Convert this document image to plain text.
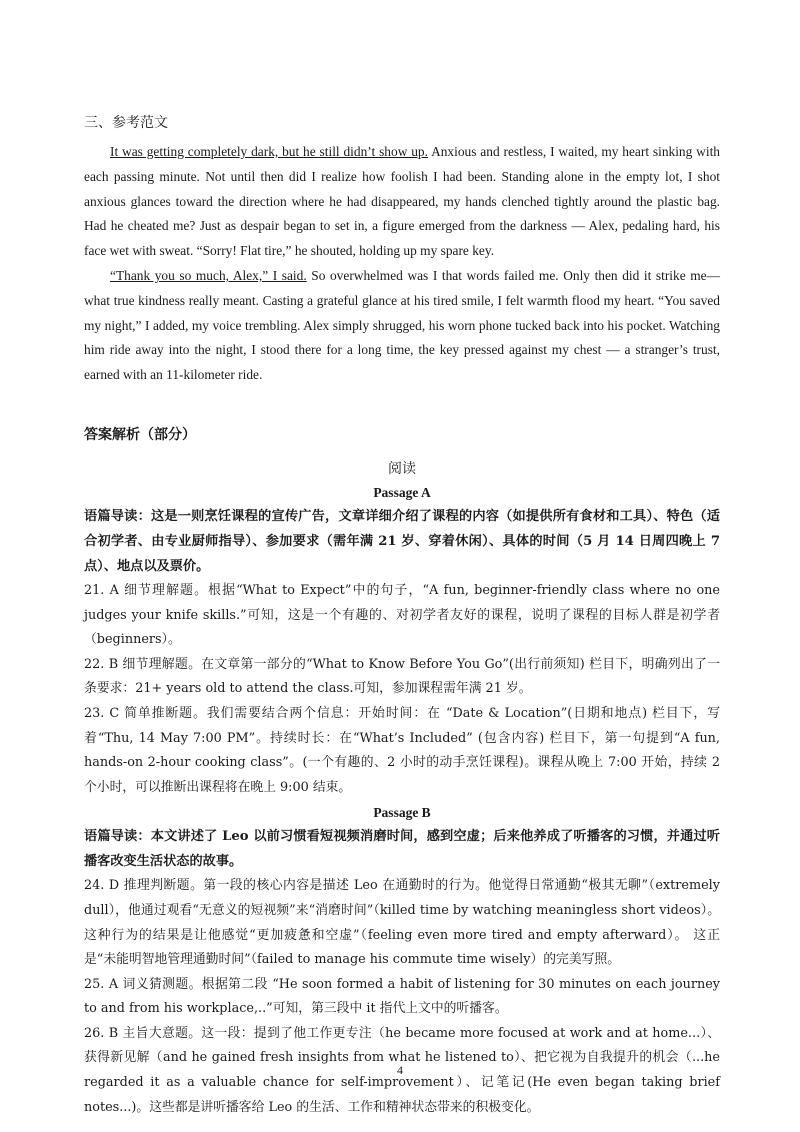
三、参考范文

It was getting completely dark, but he still didn’t show up. Anxious and restless, I waited, my heart sinking with each passing minute. Not until then did I realize how foolish I had been. Standing alone in the empty lot, I shot anxious glances toward the direction where he had disappeared, my hands clenched tightly around the plastic bag. Had he cheated me? Just as despair began to set in, a figure emerged from the darkness — Alex, pedaling hard, his face wet with sweat. “Sorry! Flat tire,” he shouted, holding up my spare key.

“Thank you so much, Alex,” I said. So overwhelmed was I that words failed me. Only then did it strike me—what true kindness really meant. Casting a grateful glance at his tired smile, I felt warmth flood my heart. “You saved my night,” I added, my voice trembling. Alex simply shrugged, his worn phone tucked back into his pocket. Watching him ride away into the night, I stood there for a long time, the key pressed against my chest — a stranger’s trust, earned with an 11-kilometer ride.

答案解析（部分）
阅读
Passage A

语篇导读：这是一则烹饪课程的宣传广告，文章详细介绍了课程的内容（如提供所有食材和工具）、特色（适合初学者、由专业厨师指导）、参加要求（需年满 21 岁、穿着休闲）、具体的时间（5 月 14 日周四晚上 7 点）、地点以及票价。

21. A 细节理解题。根据“What to Expect”中的句子，“A fun, beginner-friendly class where no one judges your knife skills.”可知，这是一个有趣的、对初学者友好的课程，说明了课程的目标人群是初学者（beginners）。

22. B 细节理解题。在文章第一部分的“What to Know Before You Go”(出行前须知) 栏目下，明确列出了一条要求：21+ years old to attend the class.可知，参加课程需年满 21 岁。

23. C 简单推断题。我们需要结合两个信息：开始时间：在 “Date & Location”(日期和地点) 栏目下，写着“Thu, 14 May 7:00 PM”。持续时长：在“What’s Included” (包含内容) 栏目下，第一句提到“A fun, hands-on 2-hour cooking class”。(一个有趣的、2 小时的动手烹饪课程)。课程从晚上 7:00 开始，持续 2 个小时，可以推断出课程将在晚上 9:00 结束。

Passage B

语篇导读：本文讲述了 Leo 以前习惯看短视频消磨时间，感到空虚；后来他养成了听播客的习惯，并通过听播客改变生活状态的故事。

24. D 推理判断题。第一段的核心内容是描述 Leo 在通勤时的行为。他觉得日常通勤“极其无聊”（extremely dull），他通过观看“无意义的短视频”来“消磨时间”（killed time by watching meaningless short videos）。这种行为的结果是让他感觉“更加疲惫和空虚”（feeling even more tired and empty afterward）。 这正是“未能明智地管理通勤时间”（failed to manage his commute time wisely）的完美写照。

25. A 词义猜测题。根据第二段 “He soon formed a habit of listening for 30 minutes on each journey to and from his workplace,..”可知，第三段中 it 指代上文中的听播客。

26. B 主旨大意题。这一段：提到了他工作更专注（he became more focused at work and at home...）、获得新见解（and he gained fresh insights from what he listened to）、把它视为自我提升的机会（...he regarded it as a valuable chance for self-improvement）、记笔记(He even began taking brief notes...)。这些都是讲听播客给 Leo 的生活、工作和精神状态带来的积极变化。

4
